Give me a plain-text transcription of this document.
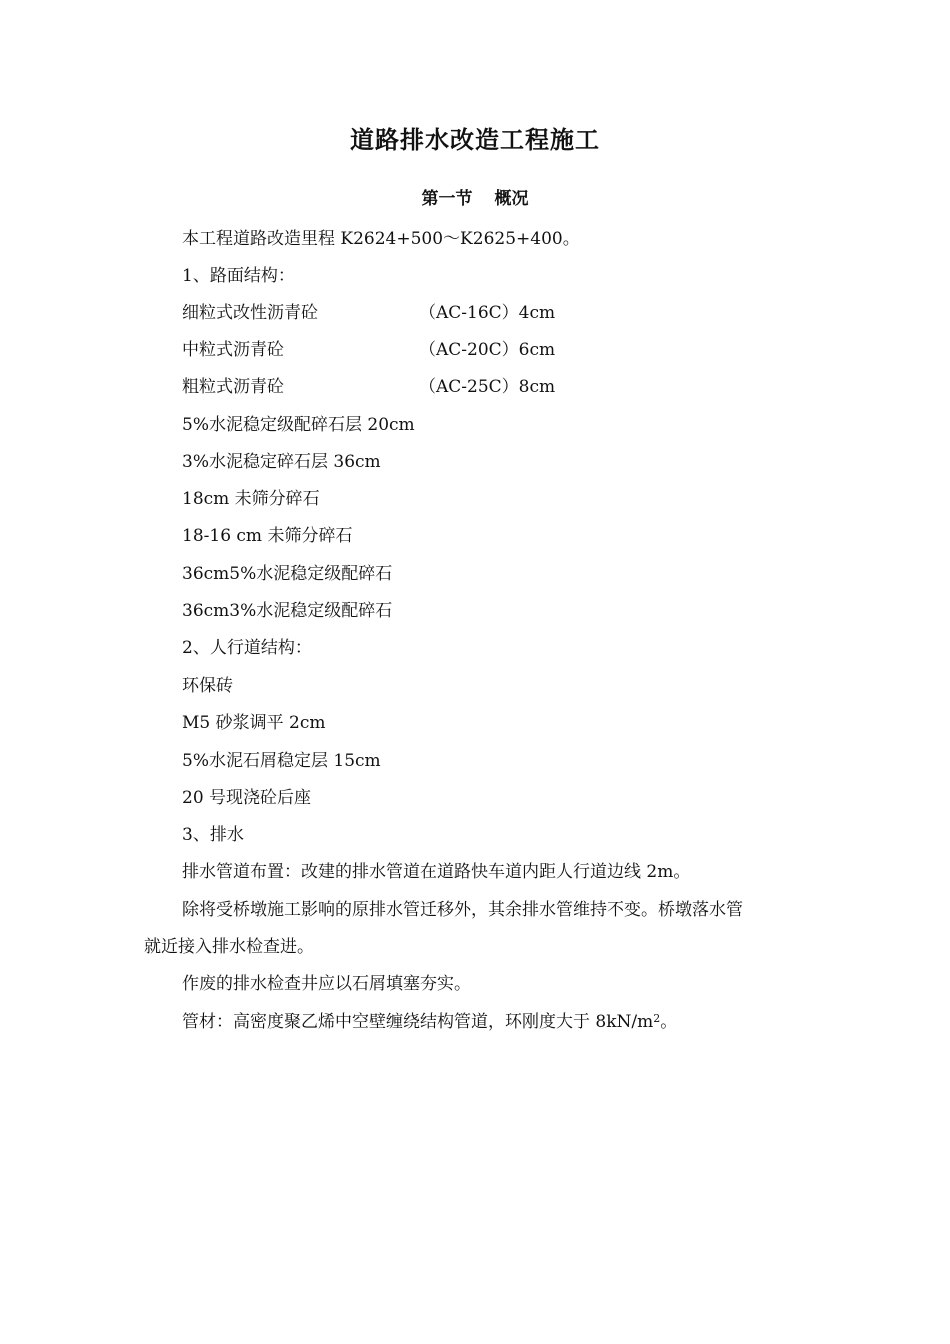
道路排水改造工程施工
第一节 概况
本工程道路改造里程 K2624+500～K2625+400。
1、路面结构：
细粒式改性沥青砼	（AC-16C）4cm
中粒式沥青砼	（AC-20C）6cm
粗粒式沥青砼	（AC-25C）8cm
5%水泥稳定级配碎石层 20cm
3%水泥稳定碎石层 36cm
18cm 未筛分碎石
18-16 cm 未筛分碎石
36cm5%水泥稳定级配碎石
36cm3%水泥稳定级配碎石
2、人行道结构：
环保砖
M5 砂浆调平 2cm
5%水泥石屑稳定层 15cm
20 号现浇砼后座
3、排水
排水管道布置：改建的排水管道在道路快车道内距人行道边线 2m。
除将受桥墩施工影响的原排水管迁移外，其余排水管维持不变。桥墩落水管
就近接入排水检查进。
作废的排水检查井应以石屑填塞夯实。
管材：高密度聚乙烯中空壁缠绕结构管道，环刚度大于 $8kN/m^2$。
